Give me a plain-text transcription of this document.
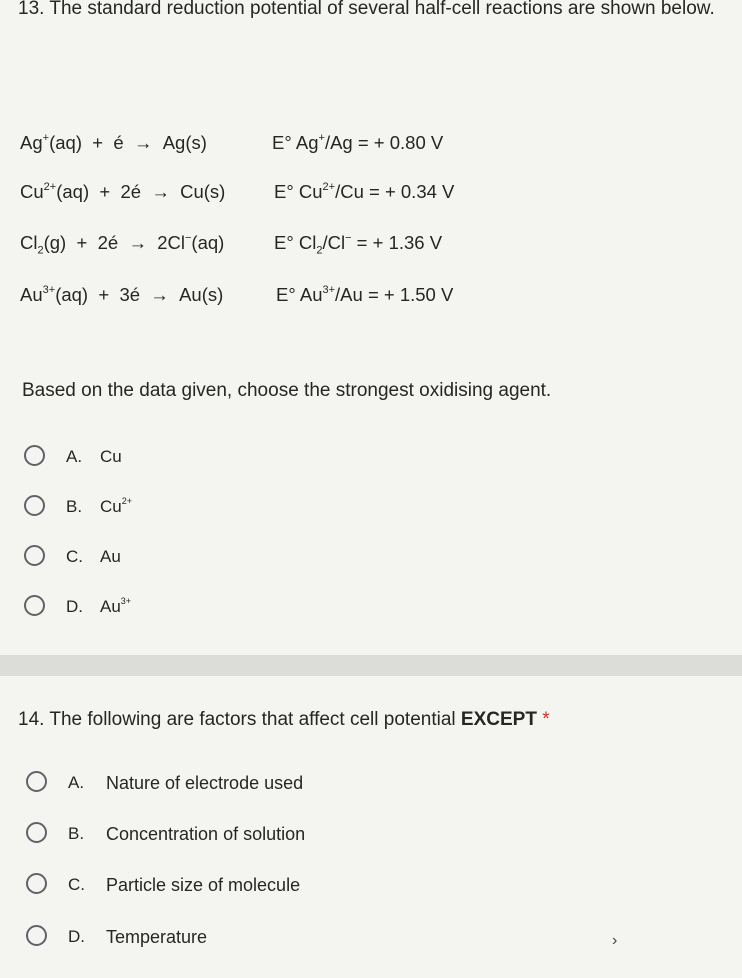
13. The standard reduction potential of several half-cell reactions are shown below.

Ag+(aq)  +  é  →  Ag(s)	E° Ag+/Ag = + 0.80 V
$Cu^{2+}(aq)$  +  2é  →  Cu(s)	E° $Cu^{2+}/Cu$ = + 0.34 V
$Cl_2(g)$  +  2é  →  2Cl−(aq)	E° $Cl_2/Cl^-$ = + 1.36 V
$Au^{3+}(aq)$  +  3é  →  Au(s)	E° $Au^{3+}/Au$ = + 1.50 V

Based on the data given, choose the strongest oxidising agent.

A. Cu
B. $Cu^{2+}$
C. Au
D. $Au^{3+}$

14. The following are factors that affect cell potential EXCEPT *

A. Nature of electrode used
B. Concentration of solution
C. Particle size of molecule
D. Temperature	›
